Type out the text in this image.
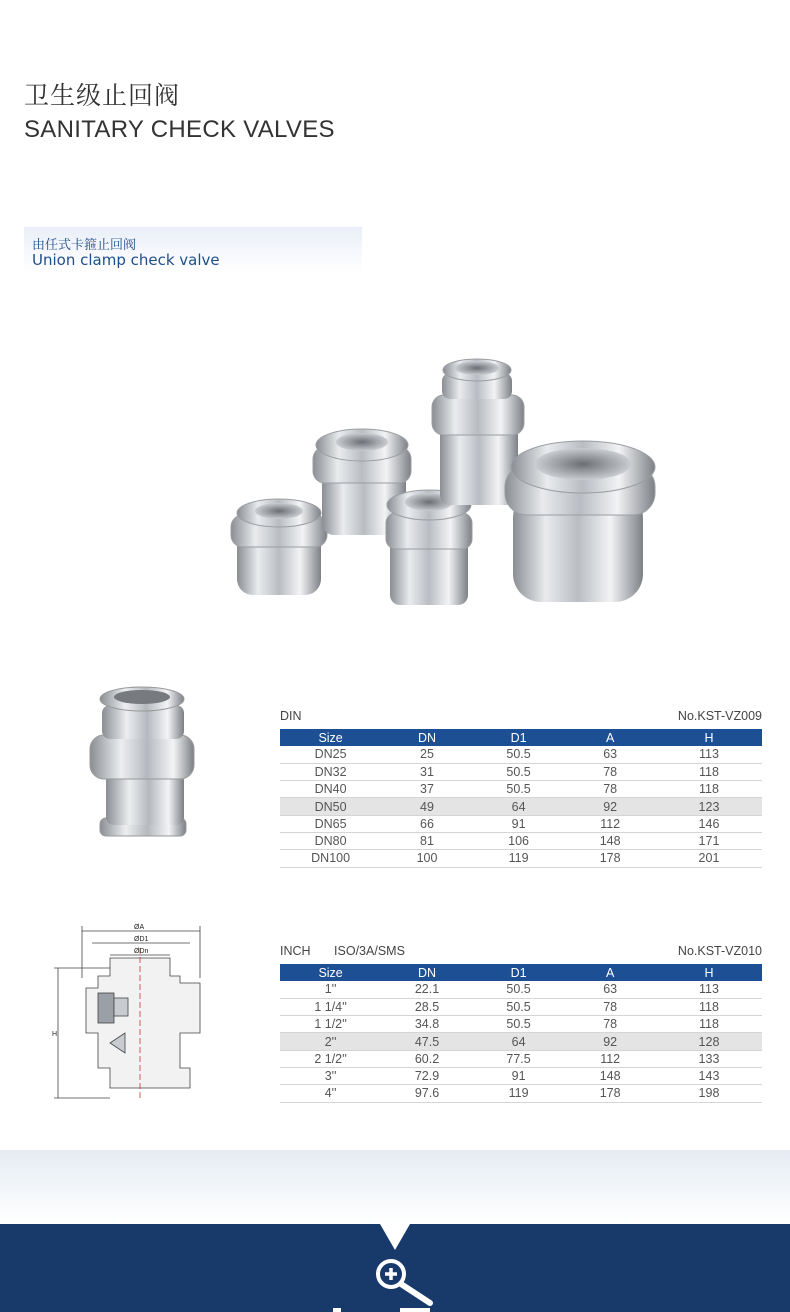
卫生级止回阀
SANITARY CHECK VALVES
由任式卡箍止回阀
Union clamp check valve
DIN	No.KST-VZ009
Size	DN	D1	A	H
DN25	25	50.5	63	113
DN32	31	50.5	78	118
DN40	37	50.5	78	118
DN50	49	64	92	123
DN65	66	91	112	146
DN80	81	106	148	171
DN100	100	119	178	201
ØA
ØD1
ØDn
H
INCH ISO/3A/SMS	No.KST-VZ010
Size	DN	D1	A	H
1''	22.1	50.5	63	113
1 1/4''	28.5	50.5	78	118
1 1/2''	34.8	50.5	78	118
2''	47.5	64	92	128
2 1/2''	60.2	77.5	112	133
3''	72.9	91	148	143
4''	97.6	119	178	198
